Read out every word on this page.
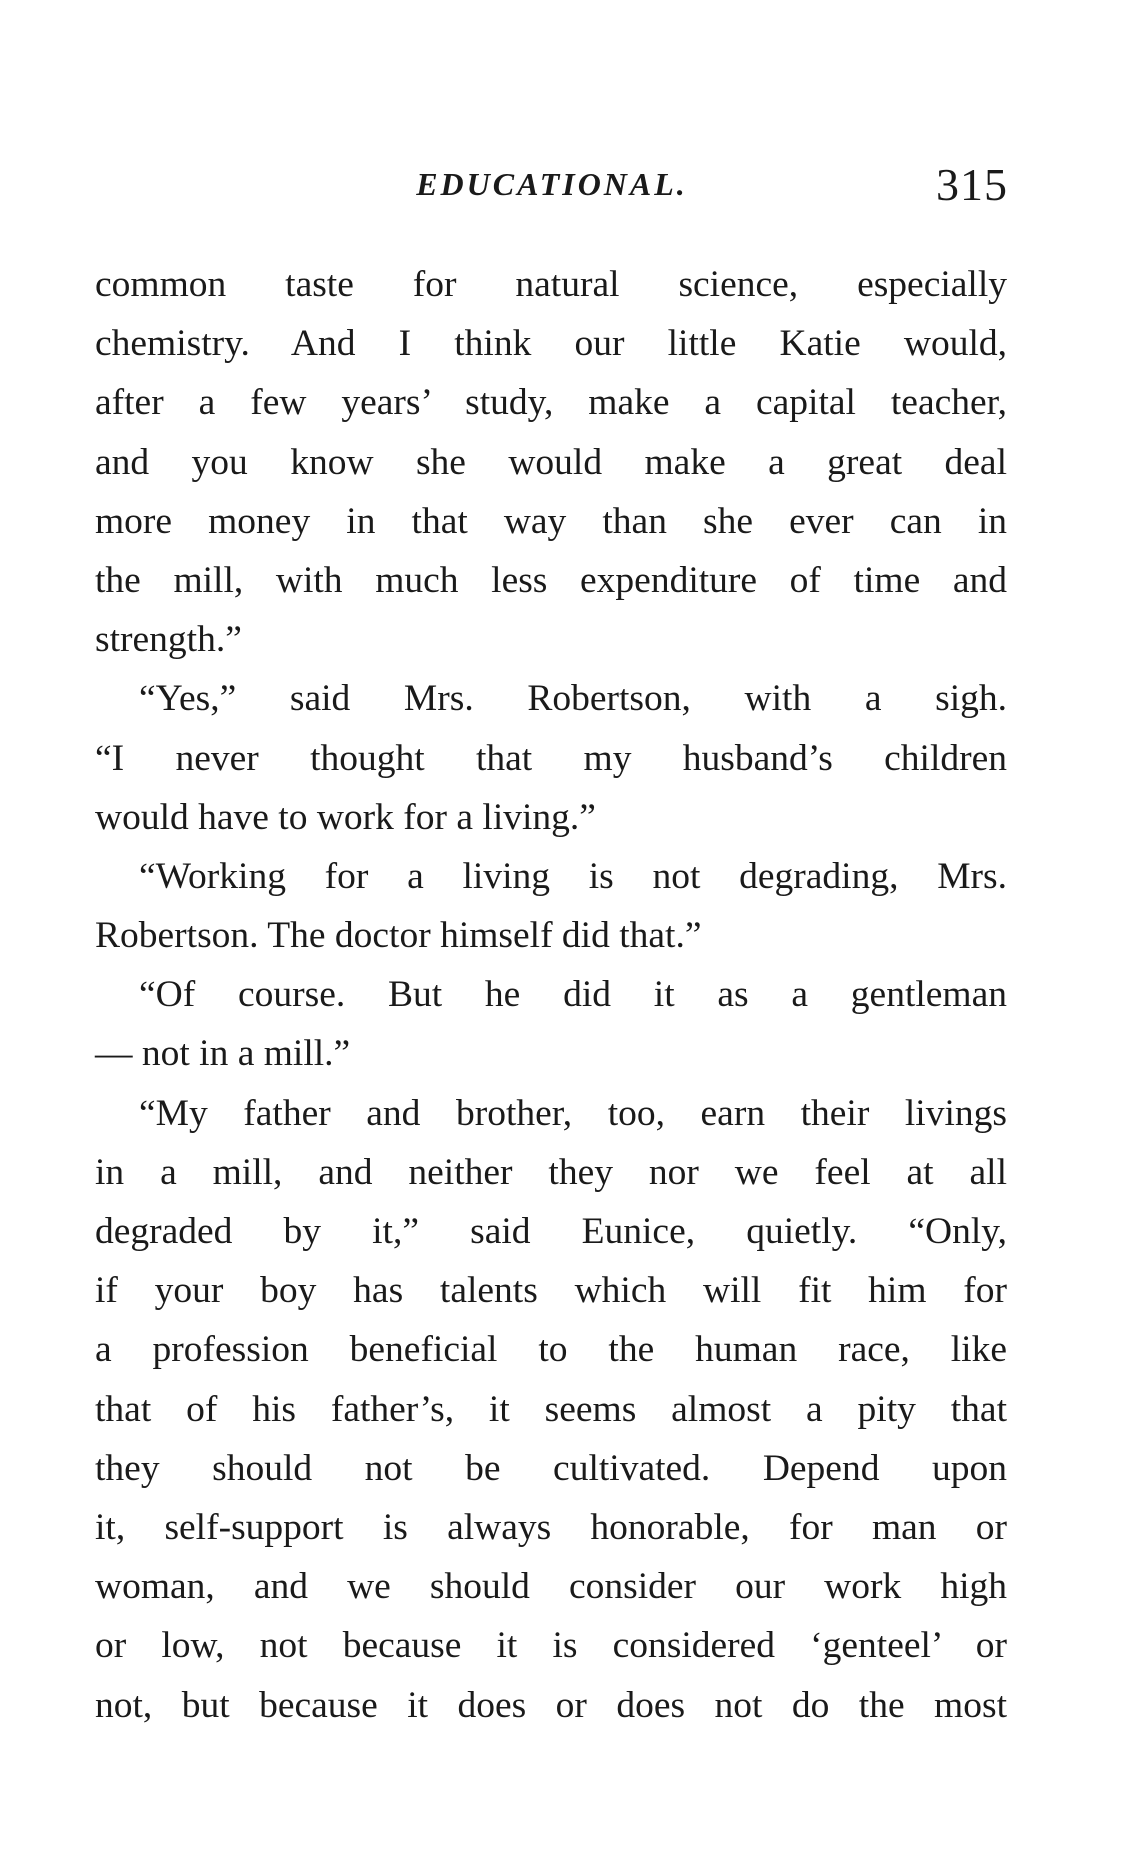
EDUCATIONAL.	315
common taste for natural science, especially
chemistry. And I think our little Katie would,
after a few years’ study, make a capital teacher,
and you know she would make a great deal
more money in that way than she ever can in
the mill, with much less expenditure of time and
strength.”
“Yes,” said Mrs. Robertson, with a sigh.
“I never thought that my husband’s children
would have to work for a living.”
“Working for a living is not degrading, Mrs.
Robertson. The doctor himself did that.”
“Of course. But he did it as a gentleman
— not in a mill.”
“My father and brother, too, earn their livings
in a mill, and neither they nor we feel at all
degraded by it,” said Eunice, quietly. “Only,
if your boy has talents which will fit him for
a profession beneficial to the human race, like
that of his father’s, it seems almost a pity that
they should not be cultivated. Depend upon
it, self-support is always honorable, for man or
woman, and we should consider our work high
or low, not because it is considered ‘genteel’ or
not, but because it does or does not do the most
